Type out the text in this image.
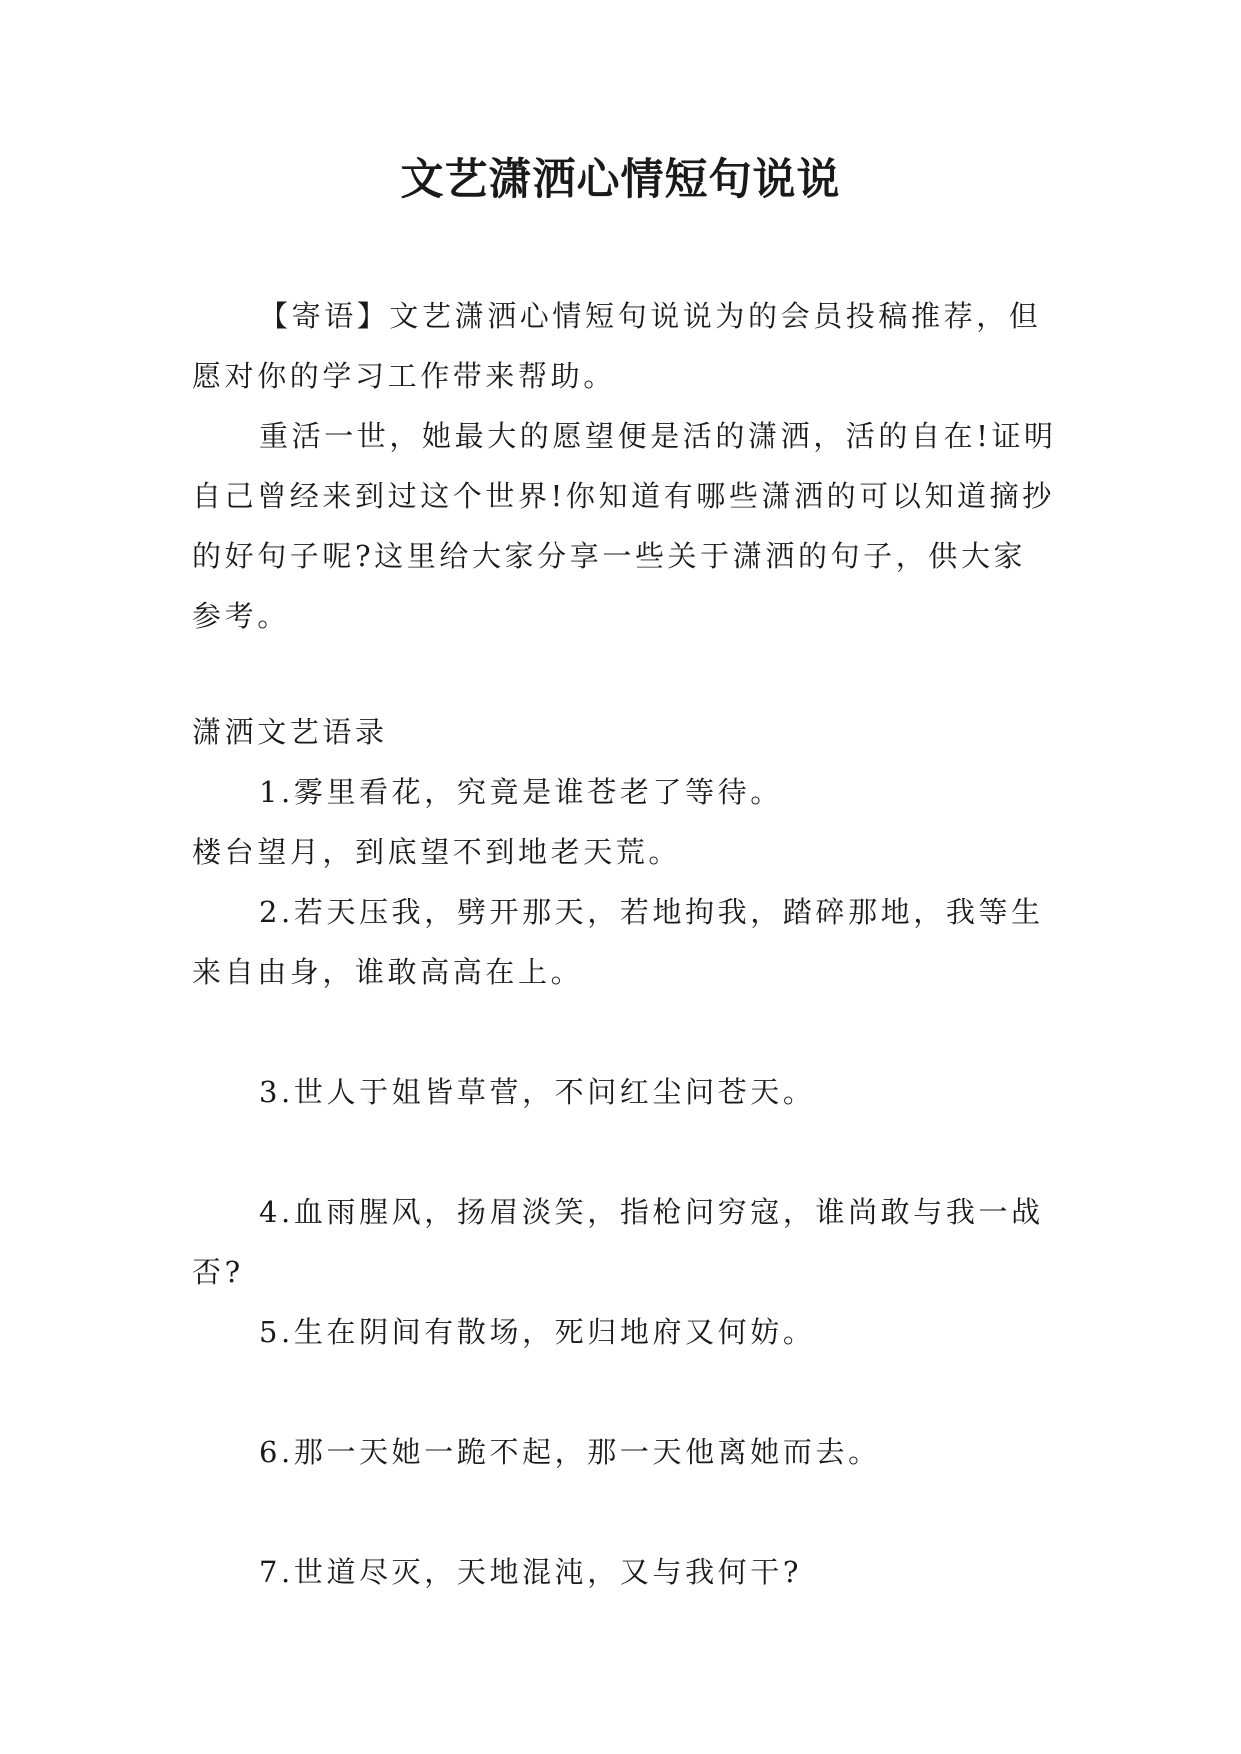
文艺潇洒心情短句说说

【寄语】文艺潇洒心情短句说说为的会员投稿推荐，但愿对你的学习工作带来帮助。

重活一世，她最大的愿望便是活的潇洒，活的自在!证明自己曾经来到过这个世界!你知道有哪些潇洒的可以知道摘抄的好句子呢?这里给大家分享一些关于潇洒的句子，供大家参考。

潇洒文艺语录

1.雾里看花，究竟是谁苍老了等待。

楼台望月，到底望不到地老天荒。

2.若天压我，劈开那天，若地拘我，踏碎那地，我等生来自由身，谁敢高高在上。

3.世人于姐皆草菅，不问红尘问苍天。

4.血雨腥风，扬眉淡笑，指枪问穷寇，谁尚敢与我一战否?

5.生在阴间有散场，死归地府又何妨。

6.那一天她一跪不起，那一天他离她而去。

7.世道尽灭，天地混沌，又与我何干?
